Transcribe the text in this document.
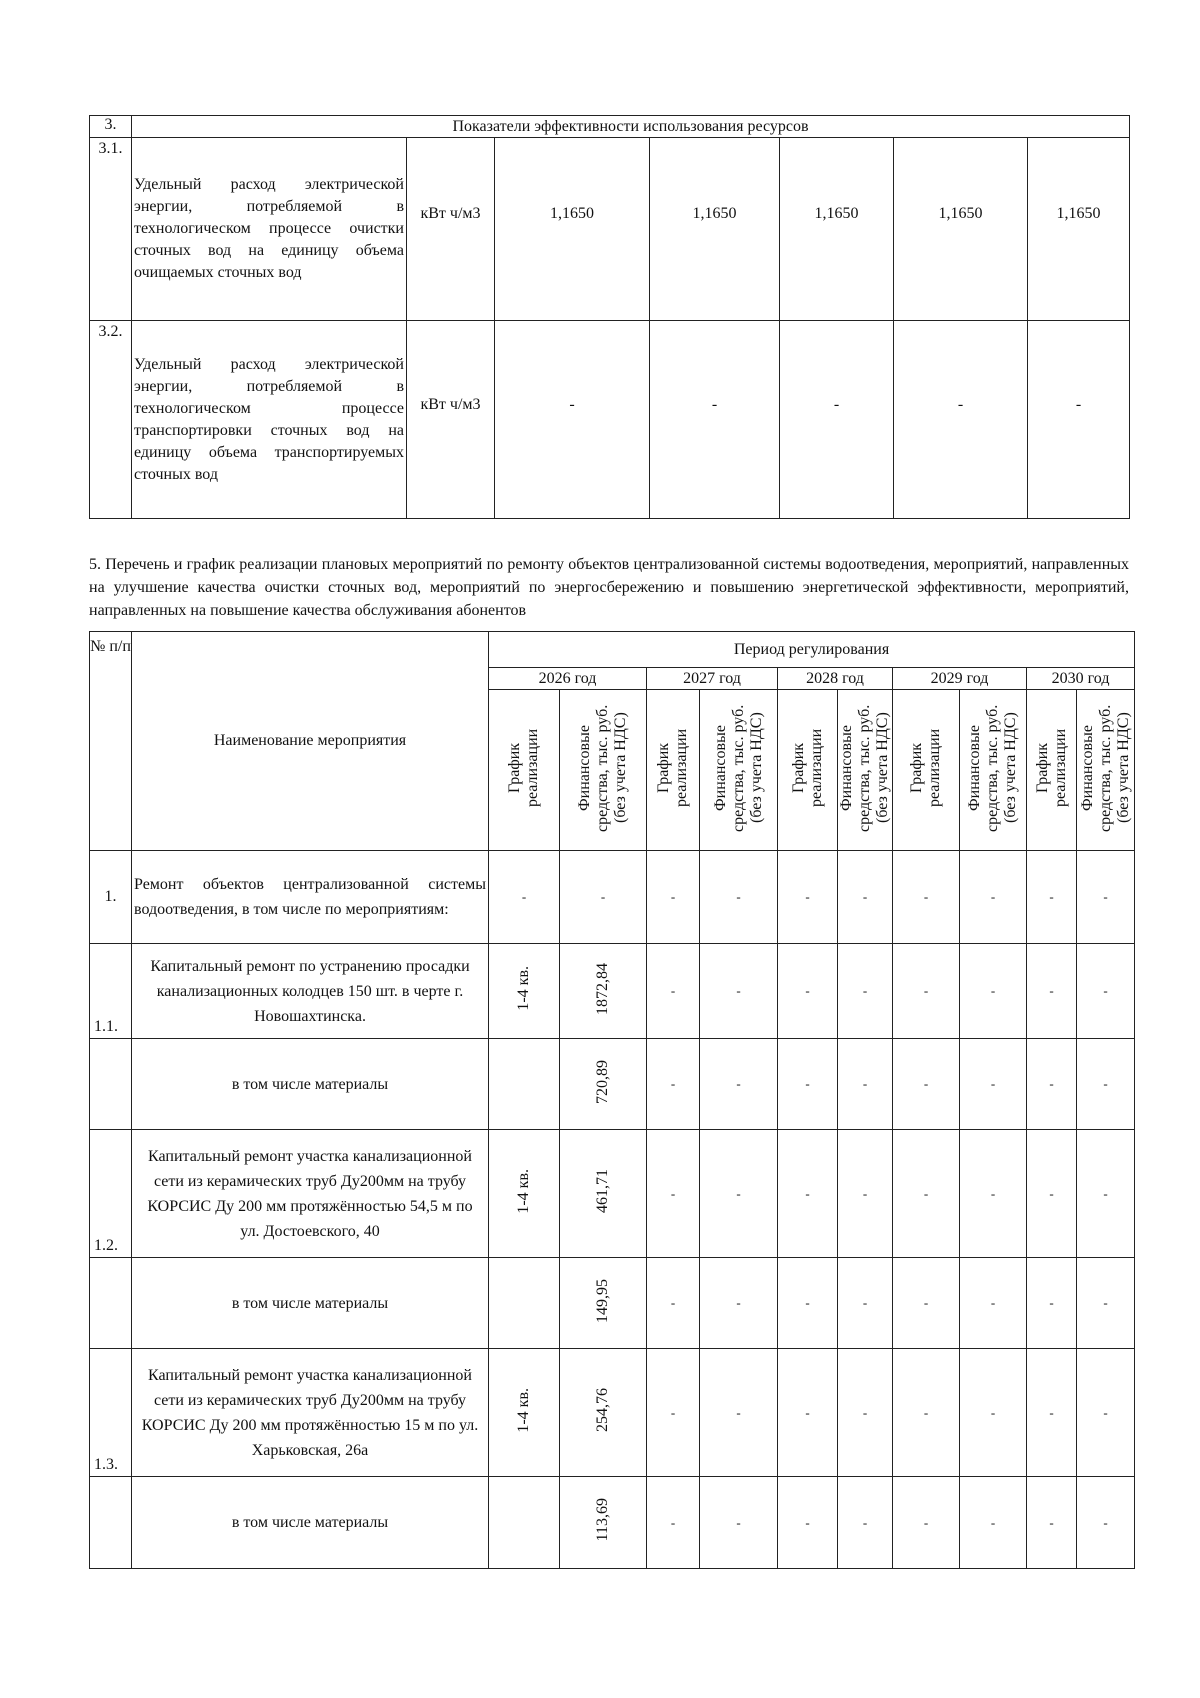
3.	Показатели эффективности использования ресурсов						
3.1.	Удельный расход электрической энергии, потребляемой в технологическом процессе очистки сточных вод на единицу объема очищаемых сточных вод	кВт ч/м3	1,1650	1,1650	1,1650	1,1650	1,1650
3.2.	Удельный расход электрической энергии, потребляемой в технологическом процессе транспортировки сточных вод на единицу объема транспортируемых сточных вод	кВт ч/м3	-	-	-	-	-
5. Перечень и график реализации плановых мероприятий по ремонту объектов централизованной системы водоотведения, мероприятий, направленных на улучшение качества очистки сточных вод, мероприятий по энергосбережению и повышению энергетической эффективности, мероприятий, направленных на повышение качества обслуживания абонентов
№ п/п	Наименование мероприятия	Период регулирования									
		2026 год		2027 год		2028 год		2029 год		2030 год	
		График реализации	Финансовые средства, тыс. руб. (без учета НДС)	График реализации	Финансовые средства, тыс. руб. (без учета НДС)	График реализации	Финансовые средства, тыс. руб. (без учета НДС)	График реализации	Финансовые средства, тыс. руб. (без учета НДС)	График реализации	Финансовые средства, тыс. руб. (без учета НДС)
1.	Ремонт объектов централизованной системы водоотведения, в том числе по мероприятиям:	-	-	-	-	-	-	-	-	-	-
1.1.	Капитальный ремонт по устранению просадки канализационных колодцев 150 шт. в черте г. Новошахтинска.	1-4 кв.	1872,84	-	-	-	-	-	-	-	-
	в том числе материалы		720,89	-	-	-	-	-	-	-	-
1.2.	Капитальный ремонт участка канализационной сети из керамических труб Ду200мм на трубу КОРСИС Ду 200 мм протяжённостью 54,5 м по ул. Достоевского, 40	1-4 кв.	461,71	-	-	-	-	-	-	-	-
	в том числе материалы		149,95	-	-	-	-	-	-	-	-
1.3.	Капитальный ремонт участка канализационной сети из керамических труб Ду200мм на трубу КОРСИС Ду 200 мм протяжённостью 15 м по ул. Харьковская, 26а	1-4 кв.	254,76	-	-	-	-	-	-	-	-
	в том числе материалы		113,69	-	-	-	-	-	-	-	-
